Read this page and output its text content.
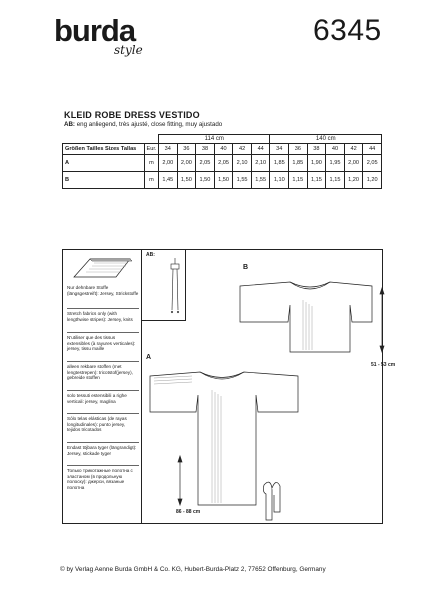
burda
style
6345
KLEID ROBE DRESS VESTIDO
AB: eng anliegend, très ajusté, close fitting, muy ajustado
		114 cm						140 cm					
Größen Tailles Sizes Tallas	Eur.	34	36	38	40	42	44	34	36	38	40	42	44
A	m	2,00	2,00	2,05	2,05	2,10	2,10	1,85	1,85	1,90	1,95	2,00	2,05
B	m	1,45	1,50	1,50	1,50	1,55	1,55	1,10	1,15	1,15	1,15	1,20	1,20
Nur dehnbare Stoffe (längsgestreift): Jersey, Strickstoffe
Stretch fabrics only (with lengthwise stripes): Jersey, knits
N'utiliser que des tissus extensibles (à rayures verticales): jersey, tissu maille
alleen rekbare stoffen (met lengtestrepen): tricotstof(jersey), gebreide stoffen
solo tessuti estensibili a righe verticali: jersey, maglina
Sólo telas elásticas (de rayas longitudinales): punto jersey, tejidos tricotados
Endast töjbara tyger (längrandigt): Jersey, stickade tyger
Только трикотажные полотна с эластаном (в продольную полоску): джерси, вязаные полотна
AB:
B
A
51 - 53 cm
86 - 88 cm
© by Verlag Aenne Burda GmbH & Co. KG, Hubert-Burda-Platz 2, 77652 Offenburg, Germany
